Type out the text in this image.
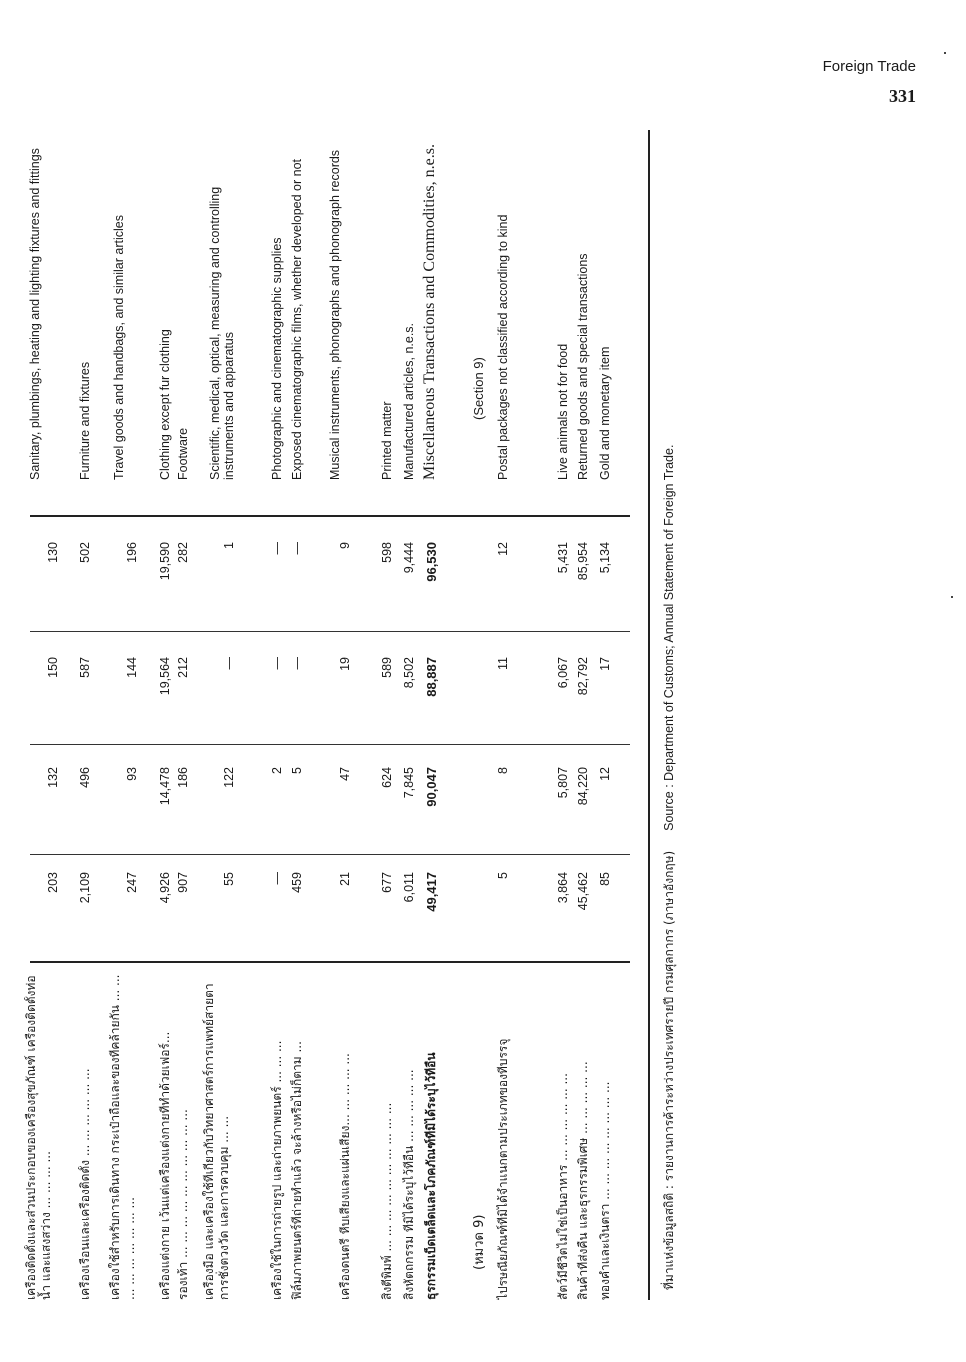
Foreign Trade
331
เครื่องติดตั้งและส่วนประกอบของเครื่องสุขภัณฑ์ เครื่องติดตั้งท่อน้ำ และแสงสว่าง ... ... ... ...
203
132
150
130
Sanitary, plumbings, heating and lighting fixtures and fittings
เครื่องเรือนและเครื่องติดตั้ง ... ... ... ... ... ...
2,109
496
587
502
Furniture and fixtures
เครื่องใช้สำหรับการเดินทาง กระเป๋าถือและของที่คล้ายกัน ... ... ... ... ... ... ... ... ...
247
93
144
196
Travel goods and handbags, and similar articles
เครื่องแต่งกาย เว้นแต่เครื่องแต่งกายที่ทำด้วยเฟอร์...
4,926
14,478
19,564
19,590
Clothing except fur clothing
รองเท้า ... ... ... ... ... ... ... ... ... ...
907
186
212
282
Footware
เครื่องมือ และเครื่องใช้ที่เกี่ยวกับวิทยาศาสตร์การแพทย์สายตา การชั่งตวงวัด และการควบคุม ... ...
55
122
—
1
Scientific, medical, optical, measuring and controlling instruments and apparatus
เครื่องใช้ในการถ่ายรูป และถ่ายภาพยนตร์ ... ... ...
—
2
—
—
Photographic and cinematographic supplies
ฟิล์มภาพยนตร์ที่ถ่ายทำแล้ว จะล้างหรือไม่ก็ตาม ...
459
5
—
—
Exposed cinematographic films, whether developed or not
เครื่องดนตรี หีบเสียงและแผ่นเสียง... ... ... ... ...
21
47
19
9
Musical instruments, phonographs and phonograph records
สิ่งตีพิมพ์ ... ... ... ... ... ... ... ... ... ...
677
624
589
598
Printed matter
สิ่งหัตถกรรม ที่มิได้ระบุไว้ที่อื่น ... ... ... ... ...
6,011
7,845
8,502
9,444
Manufactured articles, n.e.s.
ธุรกรรมเบ็ดเตล็ดและโภคภัณฑ์ที่มิได้ระบุไว้ที่อื่น
49,417
90,047
88,887
96,530
Miscellaneous Transactions and Commodities, n.e.s.
(หมวด 9)
(Section 9)
ไปรษณียภัณฑ์ที่มิได้จำแนกตามประเภทของที่บรรจุ
5
8
11
12
Postal packages not classified according to kind
สัตว์มีชีวิตไม่ใช่เป็นอาหาร ... ... ... ... ... ...
3,864
5,807
6,067
5,431
Live animals not for food
สินค้าที่ส่งคืน และธุรกรรมพิเศษ ... ... ... ... ...
45,462
84,220
82,792
85,954
Returned goods and special transactions
ทองคำและเงินตรา ... ... ... ... ... ... ... ...
85
12
17
5,134
Gold and monetary item
ที่มาแห่งข้อมูลสถิติ : รายงานการค้าระหว่างประเทศรายปี กรมศุลกากร (ภาษาอังกฤษ)     Source : Department of Customs; Annual Statement of Foreign Trade.
